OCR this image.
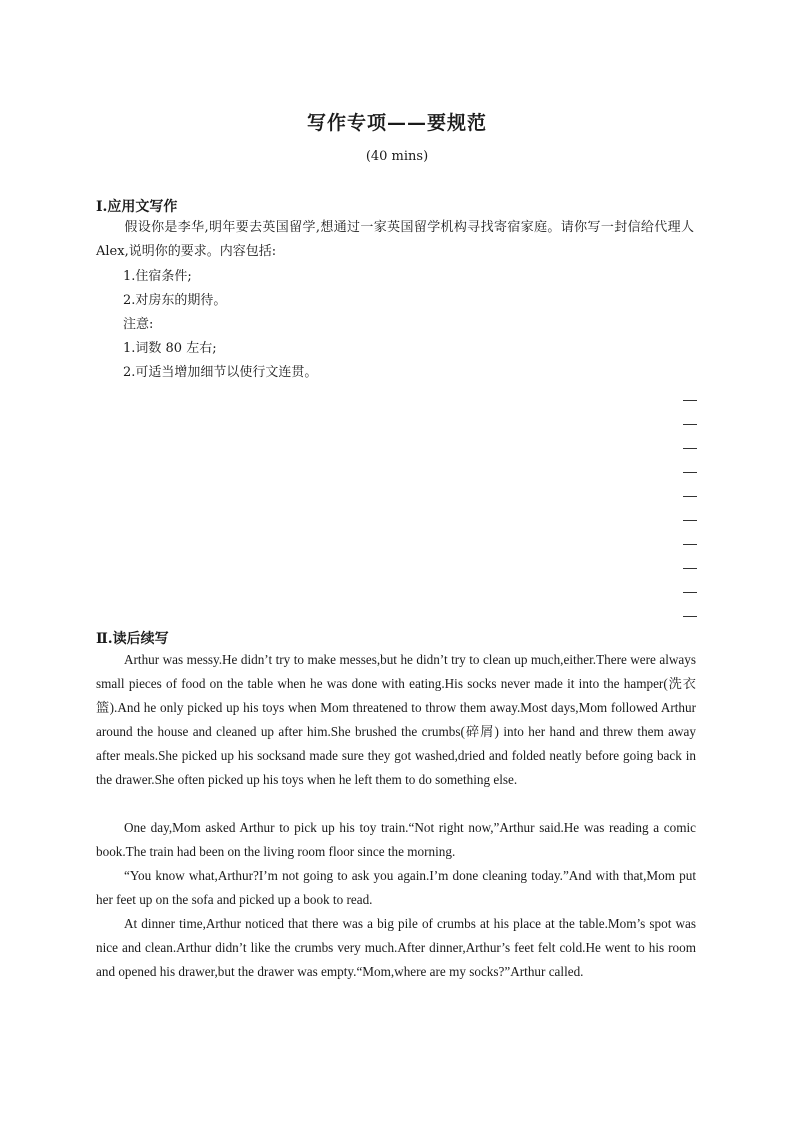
写作专项——要规范
(40 mins)
Ⅰ.应用文写作

假设你是李华,明年要去英国留学,想通过一家英国留学机构寻找寄宿家庭。请你写一封信给代理人 Alex,说明你的要求。内容包括:

1.住宿条件;
2.对房东的期待。
注意:
1.词数 80 左右;
2.可适当增加细节以使行文连贯。
Ⅱ.读后续写

Arthur was messy.He didn’t try to make messes,but he didn’t try to clean up much,either.There were always small pieces of food on the table when he was done with eating.His socks never made it into the hamper(洗衣篮).And he only picked up his toys when Mom threatened to throw them away.Most days,Mom followed Arthur around the house and cleaned up after him.She brushed the crumbs(碎屑) into her hand and threw them away after meals.She picked up his socksand made sure they got washed,dried and folded neatly before going back in the drawer.She often picked up his toys when he left them to do something else.

One day,Mom asked Arthur to pick up his toy train.“Not right now,”Arthur said.He was reading a comic book.The train had been on the living room floor since the morning.

“You know what,Arthur?I’m not going to ask you again.I’m done cleaning today.”And with that,Mom put her feet up on the sofa and picked up a book to read.

At dinner time,Arthur noticed that there was a big pile of crumbs at his place at the table.Mom’s spot was nice and clean.Arthur didn’t like the crumbs very much.After dinner,Arthur’s feet felt cold.He went to his room and opened his drawer,but the drawer was empty.“Mom,where are my socks?”Arthur called.
